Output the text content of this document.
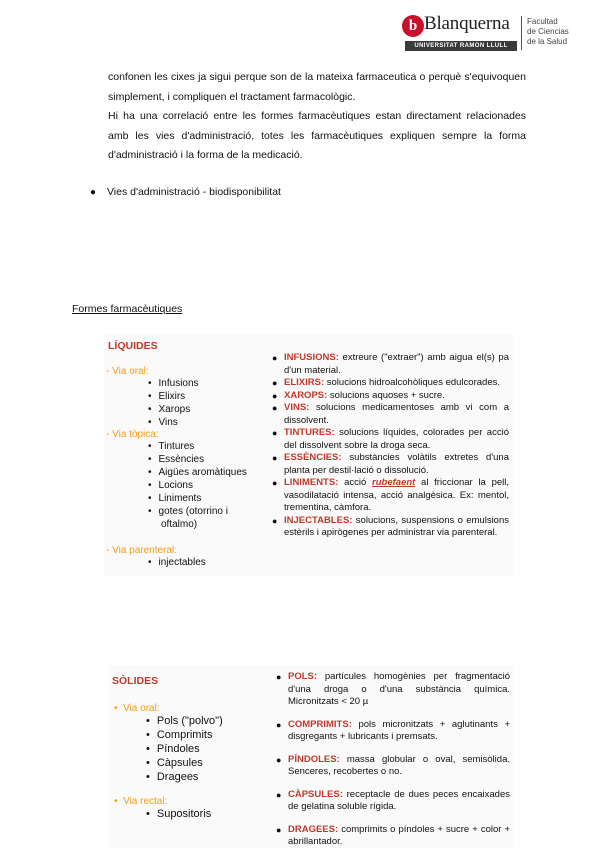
b Blanquerna
UNIVERSITAT RAMON LLULL
Facultad
de Ciencias
de la Salud
confonen les cixes ja sigui perque son de la mateixa farmaceutica o perquè s'equivoquen simplement, i compliquen el tractament farmacològic.
Hi ha una correlació entre les formes farmacèutiques estan directament relacionades amb les vies d'administració, totes les farmacèutiques expliquen sempre la forma d'administració i la forma de la medicació.
● Vies d'administració - biodisponibilitat
Formes farmacèutiques
LÍQUIDES
- Via oral:
• Infusions
• Elixirs
• Xarops
• Vins
- Via tòpica:
• Tintures
• Essències
• Aigües aromàtiques
• Locions
• Liniments
• gotes (otorrino i
oftalmo)
- Via parenteral:
• injectables
● INFUSIONS: extreure ("extraer") amb aigua el(s) pa d'un material.
● ELIXIRS: solucions hidroalcohòliques edulcorades.
● XAROPS: solucions aquoses + sucre.
● VINS: solucions medicamentoses amb vi com a dissolvent.
● TINTURES: solucions líquides, colorades per acció del dissolvent sobre la droga seca.
● ESSÈNCIES: substàncies volàtils extretes d'una planta per destil·lació o dissolució.
● LINIMENTS: acció rubefaent al friccionar la pell, vasodilatació intensa, acció analgèsica. Ex: mentol, trementina, càmfora.
● INJECTABLES: solucions, suspensions o emulsions estèrils i apirògenes per administrar via parenteral.
SÒLIDES
• Via oral:
• Pols ("polvo")
• Comprimits
• Píndoles
• Càpsules
• Dragees
• Via rectal:
• Supositoris
● POLS: partícules homogènies per fragmentació d'una droga o d'una substància química. Micronitzats < 20 µ
● COMPRIMITS: pols micronitzats + aglutinants + disgregants + lubricants i premsats.
● PÍNDOLES: massa globular o oval, semisòlida. Senceres, recobertes o no.
● CÀPSULES: receptacle de dues peces encaixades de gelatina soluble rígida.
● DRAGEES: comprimits o píndoles + sucre + color + abrillantador.
